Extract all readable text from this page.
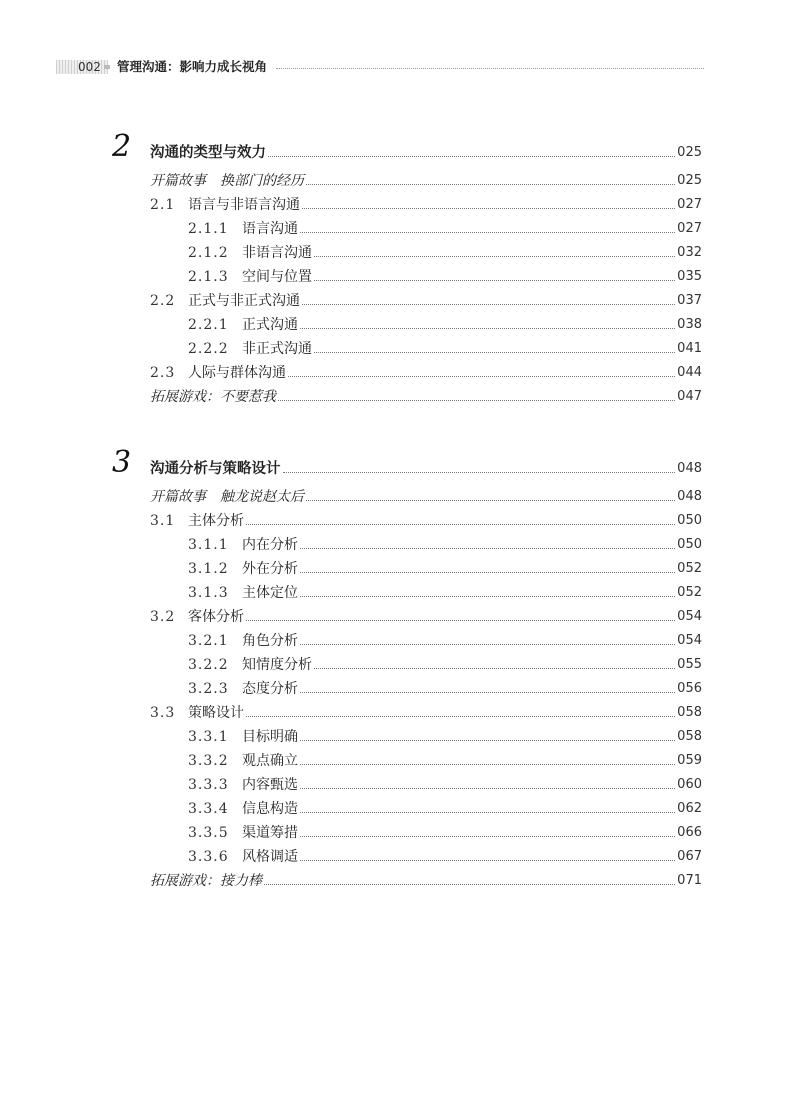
002 管理沟通：影响力成长视角
2 沟通的类型与效力	025
开篇故事 换部门的经历	025
2.1 语言与非语言沟通	027
2.1.1 语言沟通	027
2.1.2 非语言沟通	032
2.1.3 空间与位置	035
2.2 正式与非正式沟通	037
2.2.1 正式沟通	038
2.2.2 非正式沟通	041
2.3 人际与群体沟通	044
拓展游戏：不要惹我	047
3 沟通分析与策略设计	048
开篇故事 触龙说赵太后	048
3.1 主体分析	050
3.1.1 内在分析	050
3.1.2 外在分析	052
3.1.3 主体定位	052
3.2 客体分析	054
3.2.1 角色分析	054
3.2.2 知情度分析	055
3.2.3 态度分析	056
3.3 策略设计	058
3.3.1 目标明确	058
3.3.2 观点确立	059
3.3.3 内容甄选	060
3.3.4 信息构造	062
3.3.5 渠道筹措	066
3.3.6 风格调适	067
拓展游戏：接力棒	071
